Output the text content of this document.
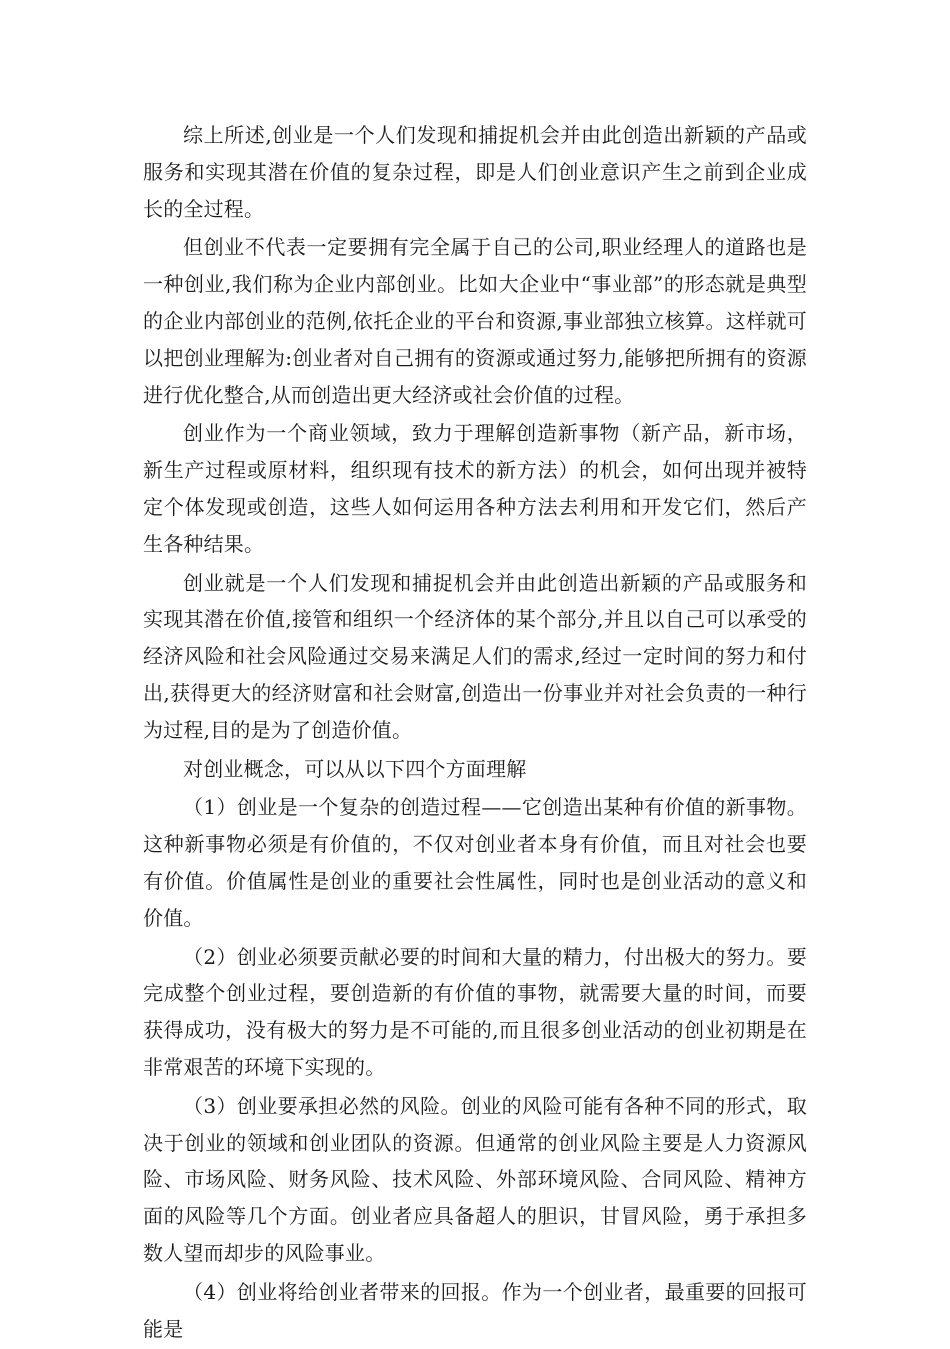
综上所述,创业是一个人们发现和捕捉机会并由此创造出新颖的产品或服务和实现其潜在价值的复杂过程，即是人们创业意识产生之前到企业成长的全过程。

但创业不代表一定要拥有完全属于自己的公司,职业经理人的道路也是一种创业,我们称为企业内部创业。比如大企业中“事业部”的形态就是典型的企业内部创业的范例,依托企业的平台和资源,事业部独立核算。这样就可以把创业理解为:创业者对自己拥有的资源或通过努力,能够把所拥有的资源进行优化整合,从而创造出更大经济或社会价值的过程。

创业作为一个商业领域，致力于理解创造新事物（新产品，新市场，新生产过程或原材料，组织现有技术的新方法）的机会，如何出现并被特定个体发现或创造，这些人如何运用各种方法去利用和开发它们，然后产生各种结果。

创业就是一个人们发现和捕捉机会并由此创造出新颖的产品或服务和实现其潜在价值,接管和组织一个经济体的某个部分,并且以自己可以承受的经济风险和社会风险通过交易来满足人们的需求,经过一定时间的努力和付出,获得更大的经济财富和社会财富,创造出一份事业并对社会负责的一种行为过程,目的是为了创造价值。

对创业概念，可以从以下四个方面理解

（1）创业是一个复杂的创造过程——它创造出某种有价值的新事物。这种新事物必须是有价值的，不仅对创业者本身有价值，而且对社会也要有价值。价值属性是创业的重要社会性属性，同时也是创业活动的意义和价值。

（2）创业必须要贡献必要的时间和大量的精力，付出极大的努力。要完成整个创业过程，要创造新的有价值的事物，就需要大量的时间，而要获得成功，没有极大的努力是不可能的,而且很多创业活动的创业初期是在非常艰苦的环境下实现的。

（3）创业要承担必然的风险。创业的风险可能有各种不同的形式，取决于创业的领域和创业团队的资源。但通常的创业风险主要是人力资源风险、市场风险、财务风险、技术风险、外部环境风险、合同风险、精神方面的风险等几个方面。创业者应具备超人的胆识，甘冒风险，勇于承担多数人望而却步的风险事业。

（4）创业将给创业者带来的回报。作为一个创业者，最重要的回报可能是
